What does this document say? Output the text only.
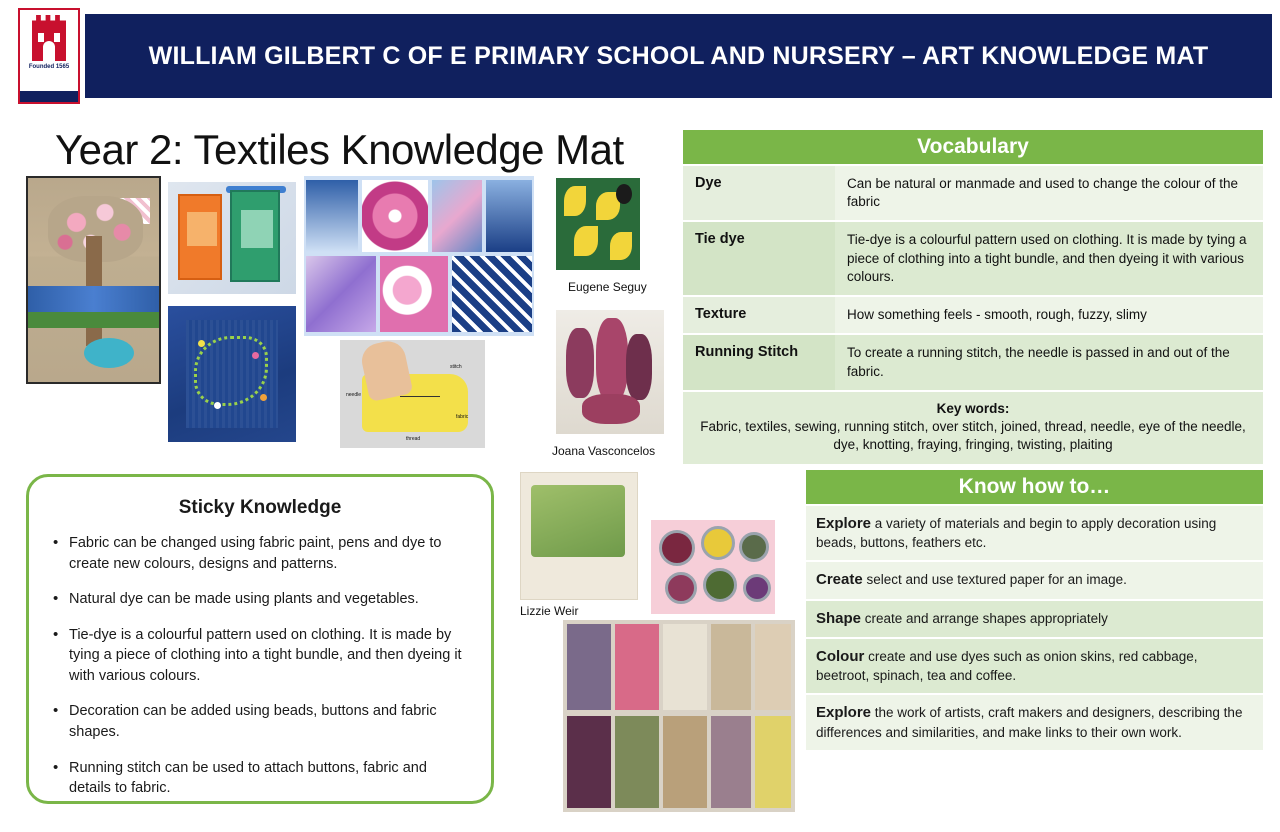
WILLIAM GILBERT C OF E PRIMARY SCHOOL AND NURSERY – ART KNOWLEDGE MAT
Founded 1565
Year 2: Textiles Knowledge Mat
stitch
needle
thread
fabric
Eugene Seguy
Joana Vasconcelos
Lizzie Weir
Vocabulary
Dye	Can be natural or manmade and used to change the colour of the fabric
Tie dye	Tie-dye is a colourful pattern used on clothing. It is made by tying a piece of clothing into a tight bundle, and then dyeing it with various colours.
Texture	How something feels - smooth, rough, fuzzy, slimy
Running Stitch	To create a running stitch, the needle is passed in and out of the fabric.
Key words:
Fabric, textiles, sewing, running stitch, over stitch, joined, thread, needle, eye of the needle, dye, knotting, fraying, fringing, twisting, plaiting
Sticky Knowledge
• Fabric can be changed using fabric paint, pens and dye to create new colours, designs and patterns.
• Natural dye can be made using plants and vegetables.
• Tie-dye is a colourful pattern used on clothing. It is made by tying a piece of clothing into a tight bundle, and then dyeing it with various colours.
• Decoration can be added using beads, buttons and fabric shapes.
• Running stitch can be used to attach buttons, fabric and details to fabric.
Know how to…
Explore a variety of materials and begin to apply decoration using beads, buttons, feathers etc.
Create select and use textured paper for an image.
Shape create and arrange shapes appropriately
Colour create and use dyes such as onion skins, red cabbage, beetroot, spinach, tea and coffee.
Explore the work of artists, craft makers and designers, describing the differences and similarities, and make links to their own work.
